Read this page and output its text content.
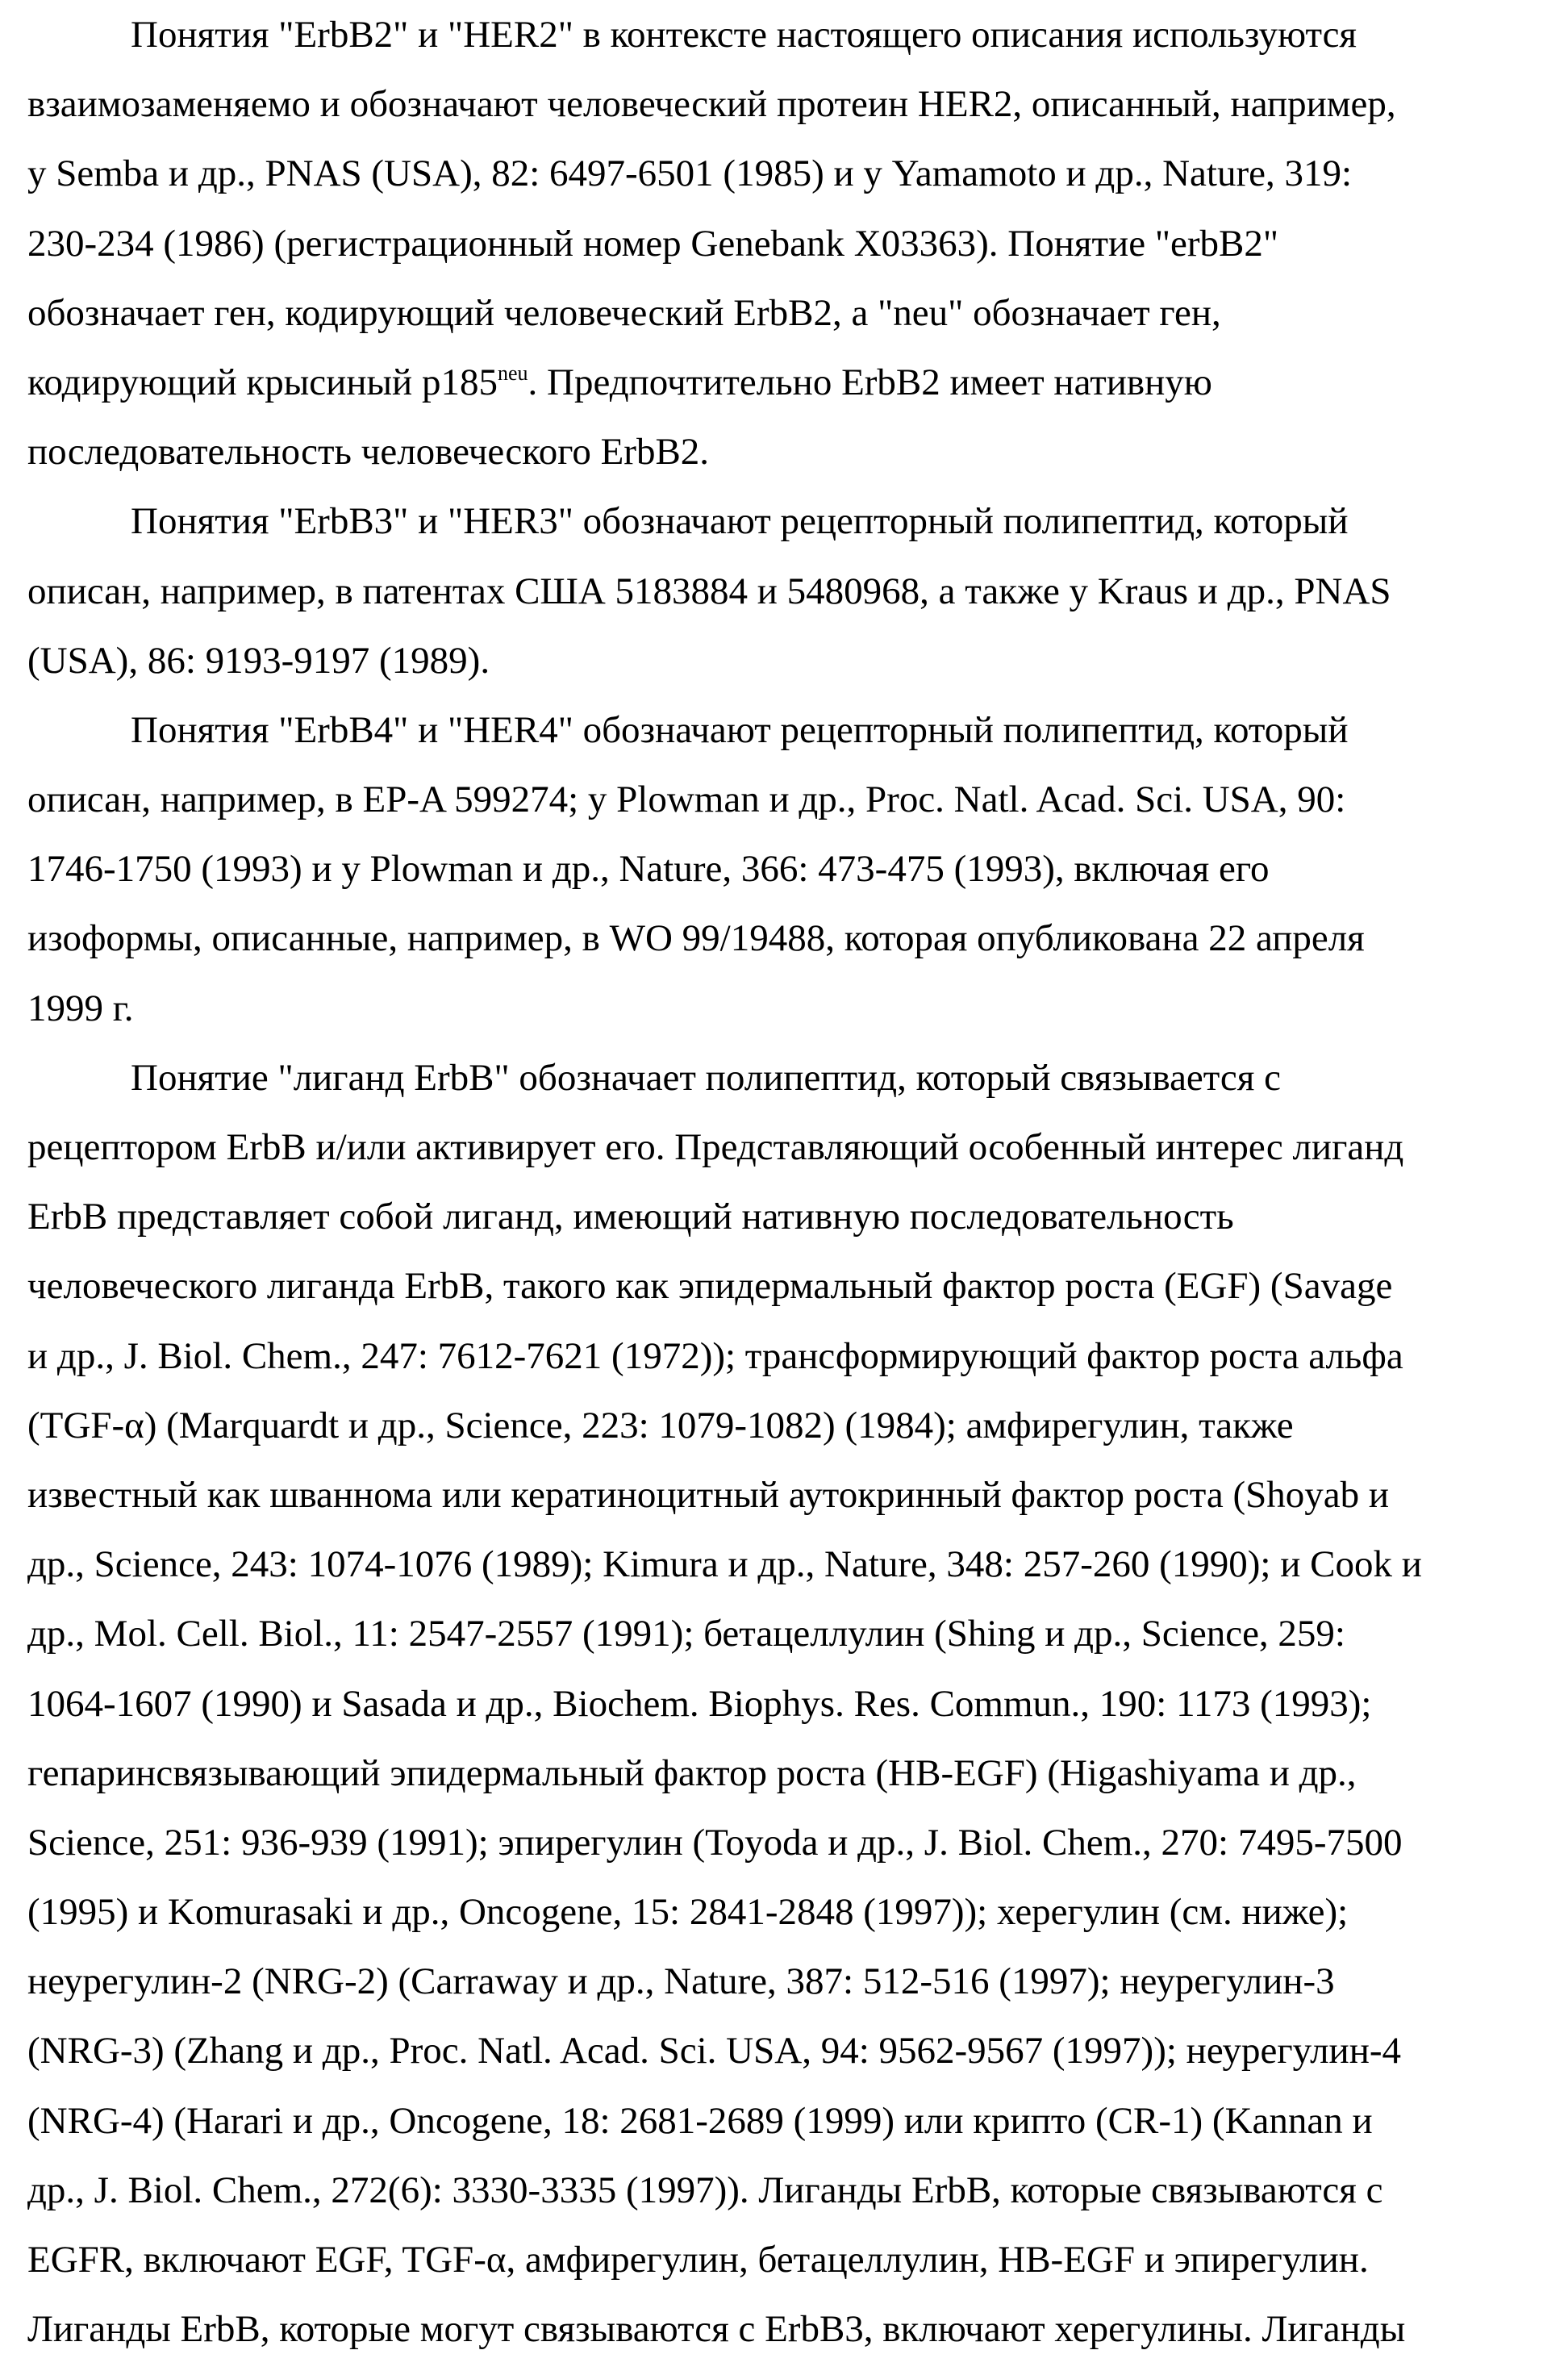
Понятия "ErbB2" и "HER2" в контексте настоящего описания используются
взаимозаменяемо и обозначают человеческий протеин HER2, описанный, например,
у Semba и др., PNAS (USA), 82: 6497-6501 (1985) и у Yamamoto и др., Nature, 319:
230-234 (1986) (регистрационный номер Genebank X03363). Понятие "erbB2"
обозначает ген, кодирующий человеческий ErbB2, а "neu" обозначает ген,
кодирующий крысиный p185neu. Предпочтительно ErbB2 имеет нативную
последовательность человеческого ErbB2.
Понятия "ErbB3" и "HER3" обозначают рецепторный полипептид, который
описан, например, в патентах США 5183884 и 5480968, а также у Kraus и др., PNAS
(USA), 86: 9193-9197 (1989).
Понятия "ErbB4" и "HER4" обозначают рецепторный полипептид, который
описан, например, в EP-A 599274; у Plowman и др., Proc. Natl. Acad. Sci. USA, 90:
1746-1750 (1993) и у Plowman и др., Nature, 366: 473-475 (1993), включая его
изоформы, описанные, например, в WO 99/19488, которая опубликована 22 апреля
1999 г.
Понятие "лиганд ErbB" обозначает полипептид, который связывается с
рецептором ErbB и/или активирует его. Представляющий особенный интерес лиганд
ErbB представляет собой лиганд, имеющий нативную последовательность
человеческого лиганда ErbB, такого как эпидермальный фактор роста (EGF) (Savage
и др., J. Biol. Chem., 247: 7612-7621 (1972)); трансформирующий фактор роста альфа
(TGF-α) (Marquardt и др., Science, 223: 1079-1082) (1984); амфирегулин, также
известный как шваннома или кератиноцитный аутокринный фактор роста (Shoyab и
др., Science, 243: 1074-1076 (1989); Kimura и др., Nature, 348: 257-260 (1990); и Cook и
др., Mol. Cell. Biol., 11: 2547-2557 (1991); бетацеллулин (Shing и др., Science, 259:
1064-1607 (1990) и Sasada и др., Biochem. Biophys. Res. Commun., 190: 1173 (1993);
гепаринсвязывающий эпидермальный фактор роста (HB-EGF) (Higashiyama и др.,
Science, 251: 936-939 (1991); эпирегулин (Toyoda и др., J. Biol. Chem., 270: 7495-7500
(1995) и Komurasaki и др., Oncogene, 15: 2841-2848 (1997)); херегулин (см. ниже);
неурегулин-2 (NRG-2) (Carraway и др., Nature, 387: 512-516 (1997); неурегулин-3
(NRG-3) (Zhang и др., Proc. Natl. Acad. Sci. USA, 94: 9562-9567 (1997)); неурегулин-4
(NRG-4) (Harari и др., Oncogene, 18: 2681-2689 (1999) или крипто (CR-1) (Kannan и
др., J. Biol. Chem., 272(6): 3330-3335 (1997)). Лиганды ErbB, которые связываются с
EGFR, включают EGF, TGF-α, амфирегулин, бетацеллулин, HB-EGF и эпирегулин.
Лиганды ErbB, которые могут связываются с ErbB3, включают херегулины. Лиганды
